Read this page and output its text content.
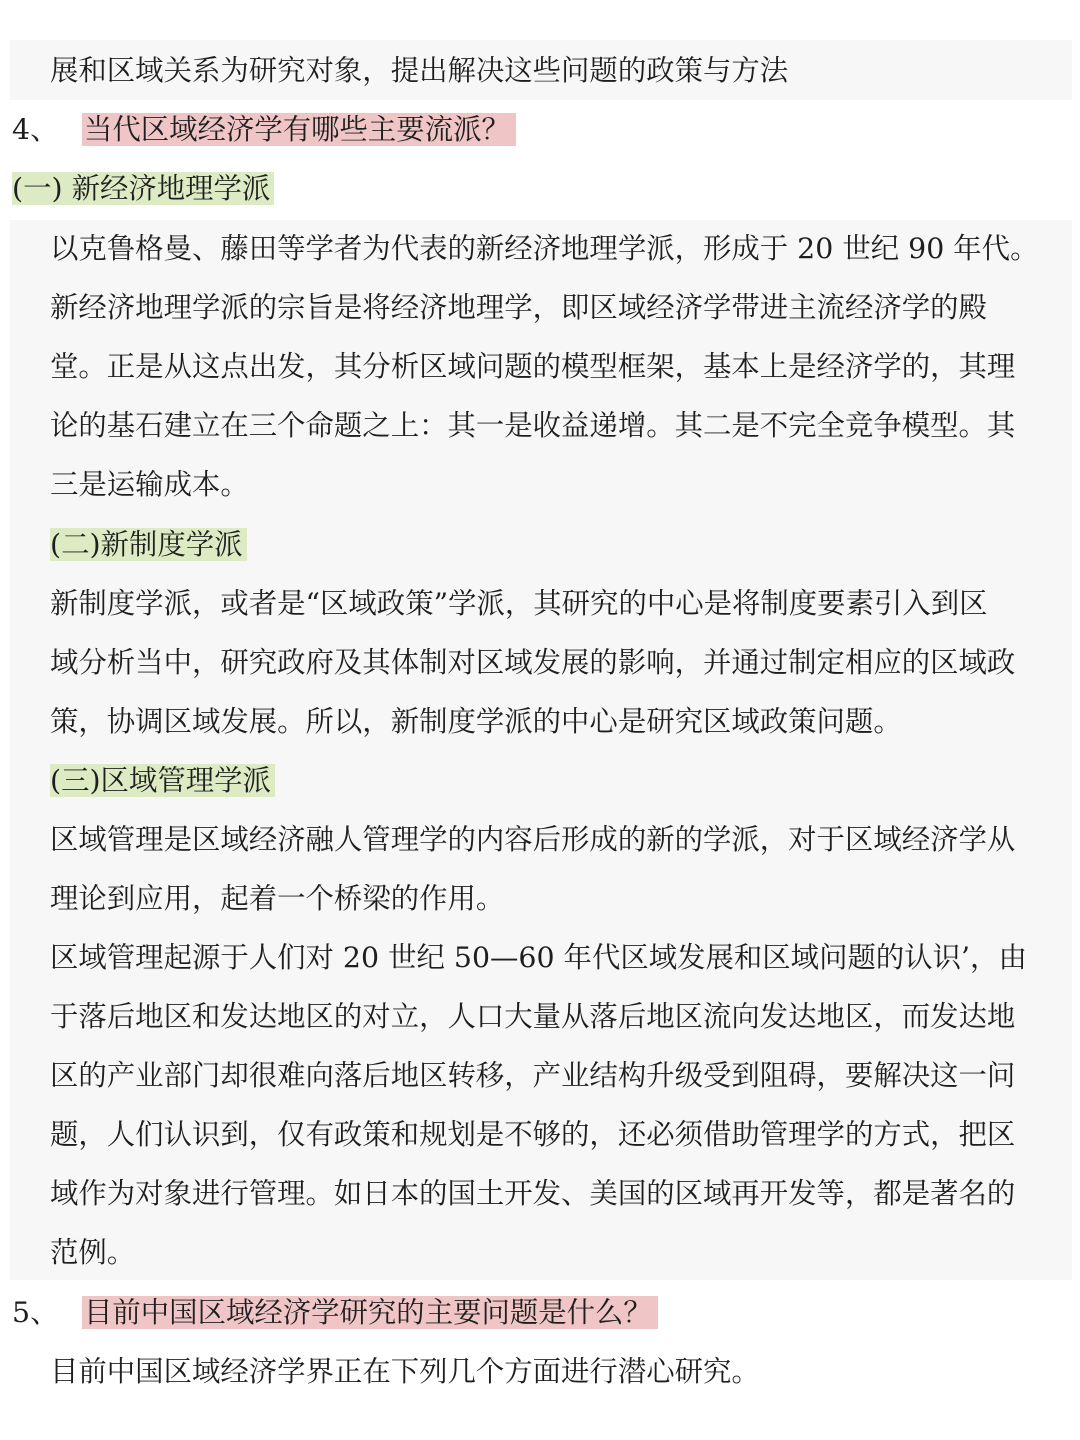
展和区域关系为研究对象，提出解决这些问题的政策与方法
4、 当代区域经济学有哪些主要流派？
(一) 新经济地理学派
以克鲁格曼、藤田等学者为代表的新经济地理学派，形成于 20 世纪 90 年代。
新经济地理学派的宗旨是将经济地理学，即区域经济学带进主流经济学的殿
堂。正是从这点出发，其分析区域问题的模型框架，基本上是经济学的，其理
论的基石建立在三个命题之上：其一是收益递增。其二是不完全竞争模型。其
三是运输成本。
(二)新制度学派
新制度学派，或者是“区域政策”学派，其研究的中心是将制度要素引入到区
域分析当中，研究政府及其体制对区域发展的影响，并通过制定相应的区域政
策，协调区域发展。所以，新制度学派的中心是研究区域政策问题。
(三)区域管理学派
区域管理是区域经济融人管理学的内容后形成的新的学派，对于区域经济学从
理论到应用，起着一个桥梁的作用。
区域管理起源于人们对 20 世纪 50—60 年代区域发展和区域问题的认识’，由
于落后地区和发达地区的对立，人口大量从落后地区流向发达地区，而发达地
区的产业部门却很难向落后地区转移，产业结构升级受到阻碍，要解决这一问
题，人们认识到，仅有政策和规划是不够的，还必须借助管理学的方式，把区
域作为对象进行管理。如日本的国土开发、美国的区域再开发等，都是著名的
范例。
5、 目前中国区域经济学研究的主要问题是什么？
目前中国区域经济学界正在下列几个方面进行潜心研究。
